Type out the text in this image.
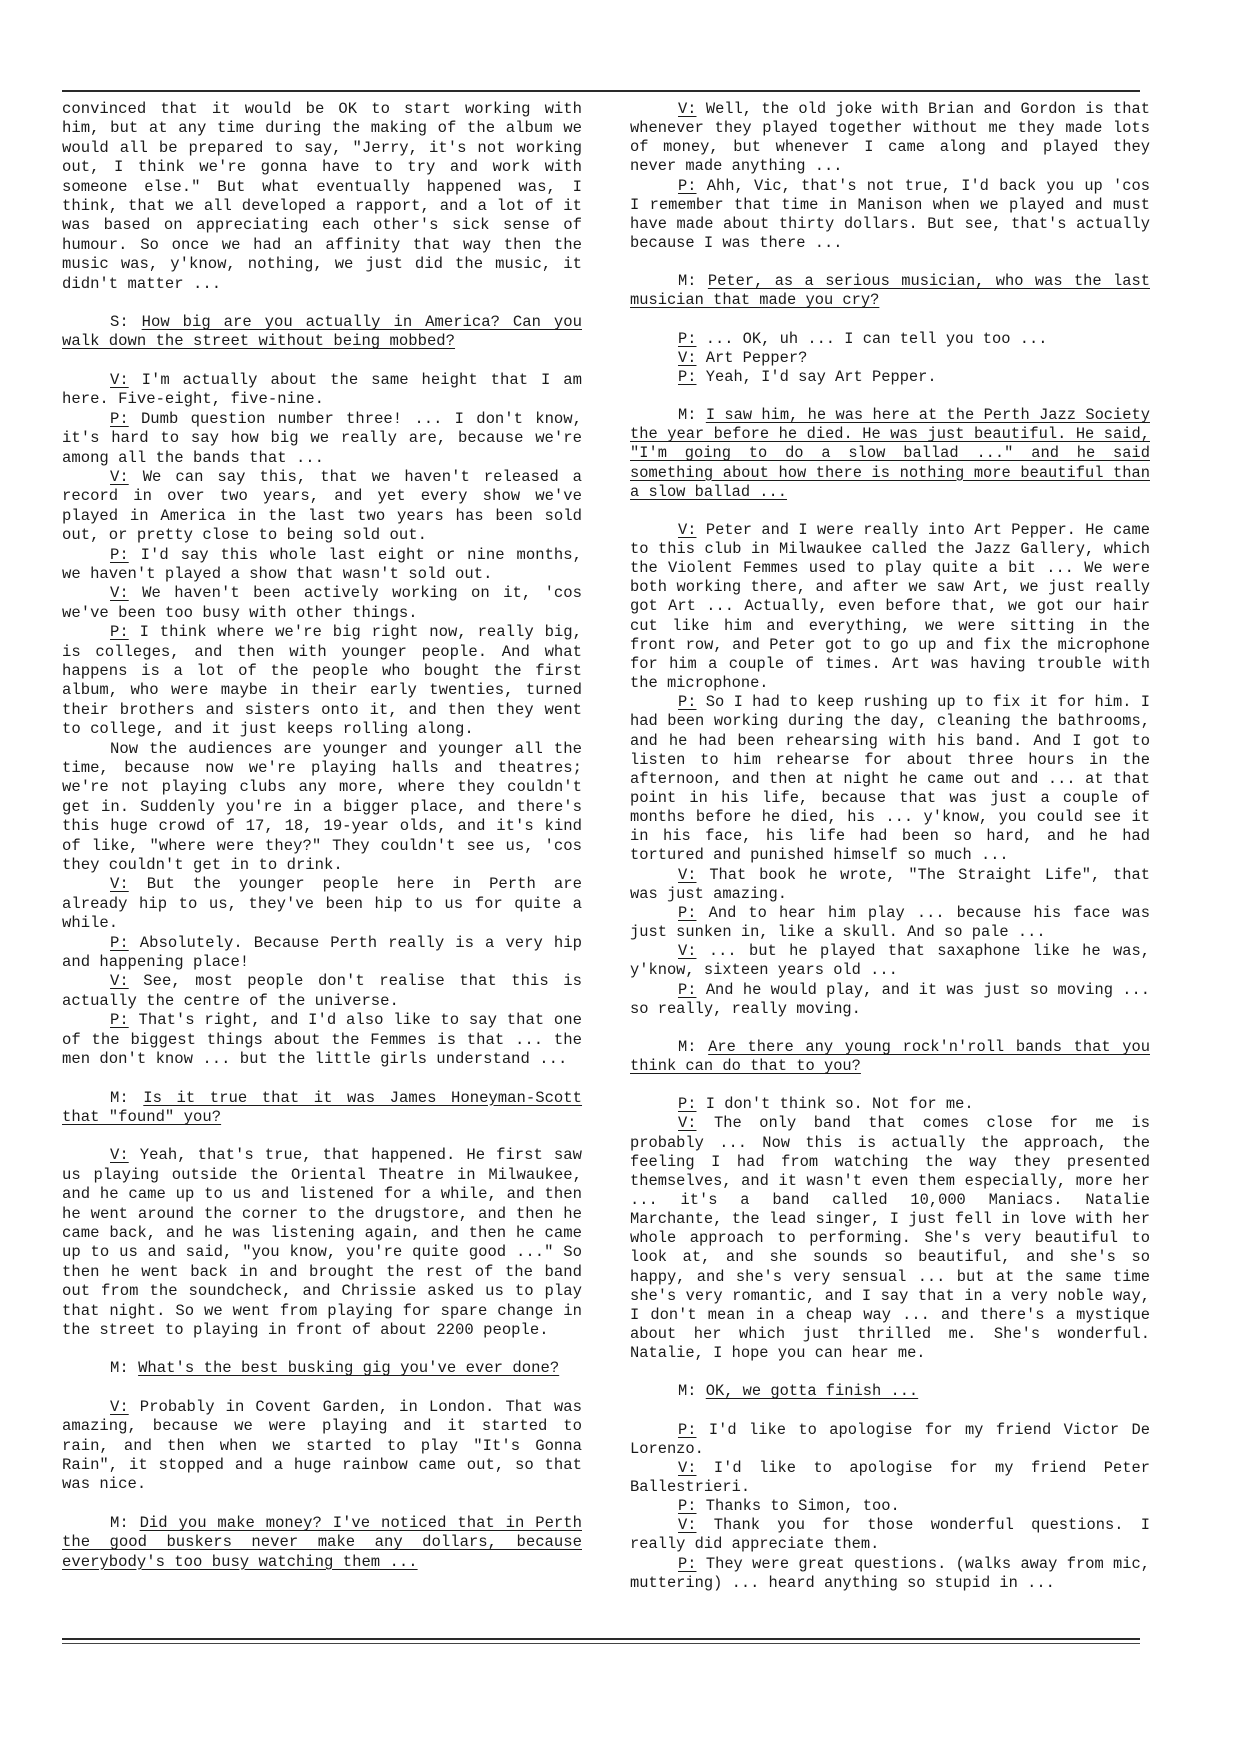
convinced that it would be OK to start working with him, but at any time during the making of the album we would all be prepared to say, "Jerry, it's not working out, I think we're gonna have to try and work with someone else." But what eventually happened was, I think, that we all developed a rapport, and a lot of it was based on appreciating each other's sick sense of humour. So once we had an affinity that way then the music was, y'know, nothing, we just did the music, it didn't matter ...

S: How big are you actually in America? Can you walk down the street without being mobbed?

V: I'm actually about the same height that I am here. Five-eight, five-nine.

P: Dumb question number three! ... I don't know, it's hard to say how big we really are, because we're among all the bands that ...

V: We can say this, that we haven't released a record in over two years, and yet every show we've played in America in the last two years has been sold out, or pretty close to being sold out.

P: I'd say this whole last eight or nine months, we haven't played a show that wasn't sold out.

V: We haven't been actively working on it, 'cos we've been too busy with other things.

P: I think where we're big right now, really big, is colleges, and then with younger people. And what happens is a lot of the people who bought the first album, who were maybe in their early twenties, turned their brothers and sisters onto it, and then they went to college, and it just keeps rolling along.

Now the audiences are younger and younger all the time, because now we're playing halls and theatres; we're not playing clubs any more, where they couldn't get in. Suddenly you're in a bigger place, and there's this huge crowd of 17, 18, 19-year olds, and it's kind of like, "where were they?" They couldn't see us, 'cos they couldn't get in to drink.

V: But the younger people here in Perth are already hip to us, they've been hip to us for quite a while.

P: Absolutely. Because Perth really is a very hip and happening place!

V: See, most people don't realise that this is actually the centre of the universe.

P: That's right, and I'd also like to say that one of the biggest things about the Femmes is that ... the men don't know ... but the little girls understand ...

M: Is it true that it was James Honeyman-Scott that "found" you?

V: Yeah, that's true, that happened. He first saw us playing outside the Oriental Theatre in Milwaukee, and he came up to us and listened for a while, and then he went around the corner to the drugstore, and then he came back, and he was listening again, and then he came up to us and said, "you know, you're quite good ..." So then he went back in and brought the rest of the band out from the soundcheck, and Chrissie asked us to play that night. So we went from playing for spare change in the street to playing in front of about 2200 people.

M: What's the best busking gig you've ever done?

V: Probably in Covent Garden, in London. That was amazing, because we were playing and it started to rain, and then when we started to play "It's Gonna Rain", it stopped and a huge rainbow came out, so that was nice.

M: Did you make money? I've noticed that in Perth the good buskers never make any dollars, because everybody's too busy watching them ...

V: Well, the old joke with Brian and Gordon is that whenever they played together without me they made lots of money, but whenever I came along and played they never made anything ...

P: Ahh, Vic, that's not true, I'd back you up 'cos I remember that time in Manison when we played and must have made about thirty dollars. But see, that's actually because I was there ...

M: Peter, as a serious musician, who was the last musician that made you cry?

P: ... OK, uh ... I can tell you too ...

V: Art Pepper?

P: Yeah, I'd say Art Pepper.

M: I saw him, he was here at the Perth Jazz Society the year before he died. He was just beautiful. He said, "I'm going to do a slow ballad ..." and he said something about how there is nothing more beautiful than a slow ballad ...

V: Peter and I were really into Art Pepper. He came to this club in Milwaukee called the Jazz Gallery, which the Violent Femmes used to play quite a bit ... We were both working there, and after we saw Art, we just really got Art ... Actually, even before that, we got our hair cut like him and everything, we were sitting in the front row, and Peter got to go up and fix the microphone for him a couple of times. Art was having trouble with the microphone.

P: So I had to keep rushing up to fix it for him. I had been working during the day, cleaning the bathrooms, and he had been rehearsing with his band. And I got to listen to him rehearse for about three hours in the afternoon, and then at night he came out and ... at that point in his life, because that was just a couple of months before he died, his ... y'know, you could see it in his face, his life had been so hard, and he had tortured and punished himself so much ...

V: That book he wrote, "The Straight Life", that was just amazing.

P: And to hear him play ... because his face was just sunken in, like a skull. And so pale ...

V: ... but he played that saxaphone like he was, y'know, sixteen years old ...

P: And he would play, and it was just so moving ... so really, really moving.

M: Are there any young rock'n'roll bands that you think can do that to you?

P: I don't think so. Not for me.

V: The only band that comes close for me is probably ... Now this is actually the approach, the feeling I had from watching the way they presented themselves, and it wasn't even them especially, more her ... it's a band called 10,000 Maniacs. Natalie Marchante, the lead singer, I just fell in love with her whole approach to performing. She's very beautiful to look at, and she sounds so beautiful, and she's so happy, and she's very sensual ... but at the same time she's very romantic, and I say that in a very noble way, I don't mean in a cheap way ... and there's a mystique about her which just thrilled me. She's wonderful. Natalie, I hope you can hear me.

M: OK, we gotta finish ...

P: I'd like to apologise for my friend Victor De Lorenzo.

V: I'd like to apologise for my friend Peter Ballestrieri.

P: Thanks to Simon, too.

V: Thank you for those wonderful questions. I really did appreciate them.

P: They were great questions. (walks away from mic, muttering) ... heard anything so stupid in ...
